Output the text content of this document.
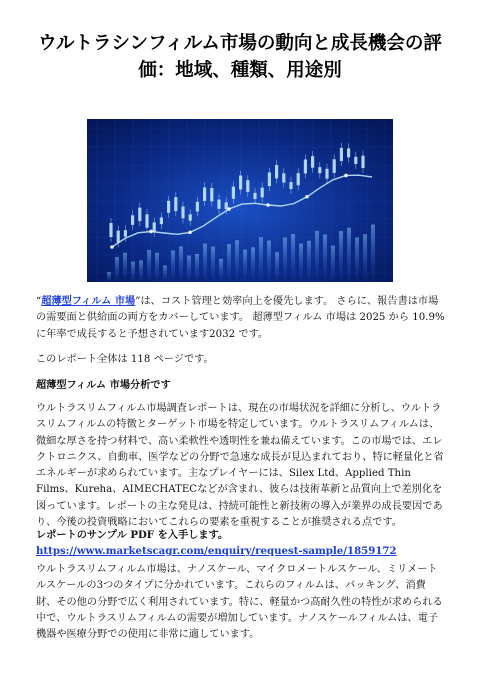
ウルトラシンフィルム市場の動向と成長機会の評価：地域、種類、用途別

“超薄型フィルム 市場”は、コスト管理と効率向上を優先します。 さらに、報告書は市場の需要面と供給面の両方をカバーしています。 超薄型フィルム 市場は 2025 から 10.9% に年率で成長すると予想されています2032 です。

このレポート全体は 118 ページです。

超薄型フィルム 市場分析です

ウルトラスリムフィルム市場調査レポートは、現在の市場状況を詳細に分析し、ウルトラスリムフィルムの特徴とターゲット市場を特定しています。ウルトラスリムフィルムは、微細な厚さを持つ材料で、高い柔軟性や透明性を兼ね備えています。この市場では、エレクトロニクス、自動車、医学などの分野で急速な成長が見込まれており、特に軽量化と省エネルギーが求められています。主なプレイヤーには、Silex Ltd、Applied Thin Films、Kureha、AIMECHATECなどが含まれ、彼らは技術革新と品質向上で差別化を図っています。レポートの主な発見は、持続可能性と新技術の導入が業界の成長要因であり、今後の投資戦略においてこれらの要素を重視することが推奨される点です。

レポートのサンプル PDF を入手します。 https://www.marketscagr.com/enquiry/request-sample/1859172

ウルトラスリムフィルム市場は、ナノスケール、マイクロメートルスケール、ミリメートルスケールの3つのタイプに分かれています。これらのフィルムは、パッキング、消費財、その他の分野で広く利用されています。特に、軽量かつ高耐久性の特性が求められる中で、ウルトラスリムフィルムの需要が増加しています。ナノスケールフィルムは、電子機器や医療分野での使用に非常に適しています。
